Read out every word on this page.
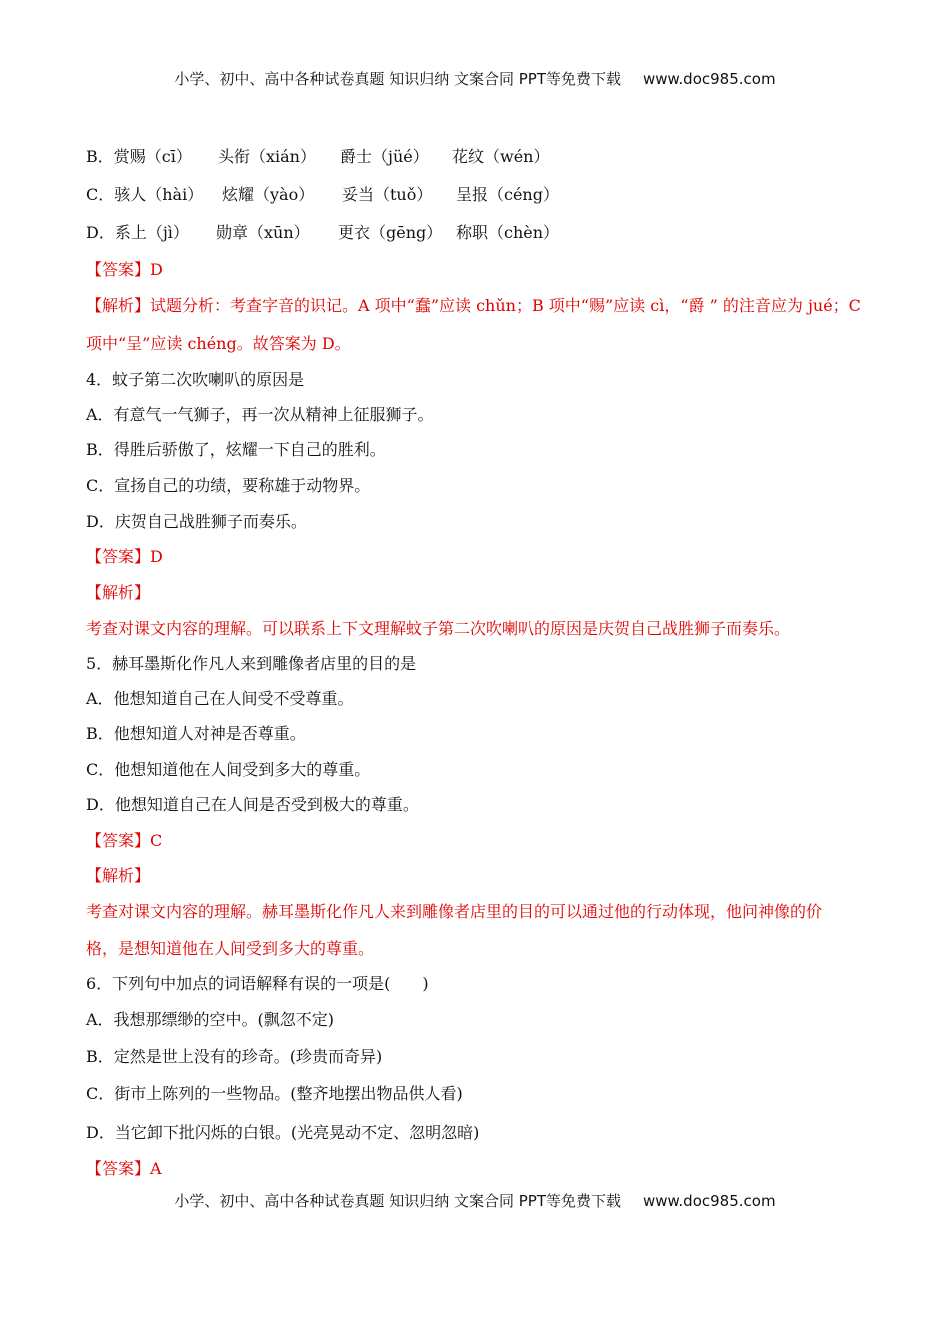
小学、初中、高中各种试卷真题 知识归纳 文案合同 PPT等免费下载 www.doc985.com
B．赏赐（cī） 头衔（xián） 爵士（jüé） 花纹（wén）
C．骇人（hài） 炫耀（yào） 妥当（tuǒ） 呈报（céng）
D．系上（jì） 勋章（xūn） 更衣（gēng） 称职（chèn）
【答案】D
【解析】试题分析：考查字音的识记。A 项中“蠢”应读 chǔn；B 项中“赐”应读 cì，“爵 ” 的注音应为 jué；C
项中“呈”应读 chéng。故答案为 D。
4．蚊子第二次吹喇叭的原因是
A．有意气一气狮子，再一次从精神上征服狮子。
B．得胜后骄傲了，炫耀一下自己的胜利。
C．宣扬自己的功绩，要称雄于动物界。
D．庆贺自己战胜狮子而奏乐。
【答案】D
【解析】
考查对课文内容的理解。可以联系上下文理解蚊子第二次吹喇叭的原因是庆贺自己战胜狮子而奏乐。
5．赫耳墨斯化作凡人来到雕像者店里的目的是
A．他想知道自己在人间受不受尊重。
B．他想知道人对神是否尊重。
C．他想知道他在人间受到多大的尊重。
D．他想知道自己在人间是否受到极大的尊重。
【答案】C
【解析】
考查对课文内容的理解。赫耳墨斯化作凡人来到雕像者店里的目的可以通过他的行动体现，他问神像的价
格，是想知道他在人间受到多大的尊重。
6．下列句中加点的词语解释有误的一项是(　　)
A．我想那缥缈的空中。(飘忽不定)
B．定然是世上没有的珍奇。(珍贵而奇异)
C．街市上陈列的一些物品。(整齐地摆出物品供人看)
D．当它卸下批闪烁的白银。(光亮晃动不定、忽明忽暗)
【答案】A
小学、初中、高中各种试卷真题 知识归纳 文案合同 PPT等免费下载 www.doc985.com
